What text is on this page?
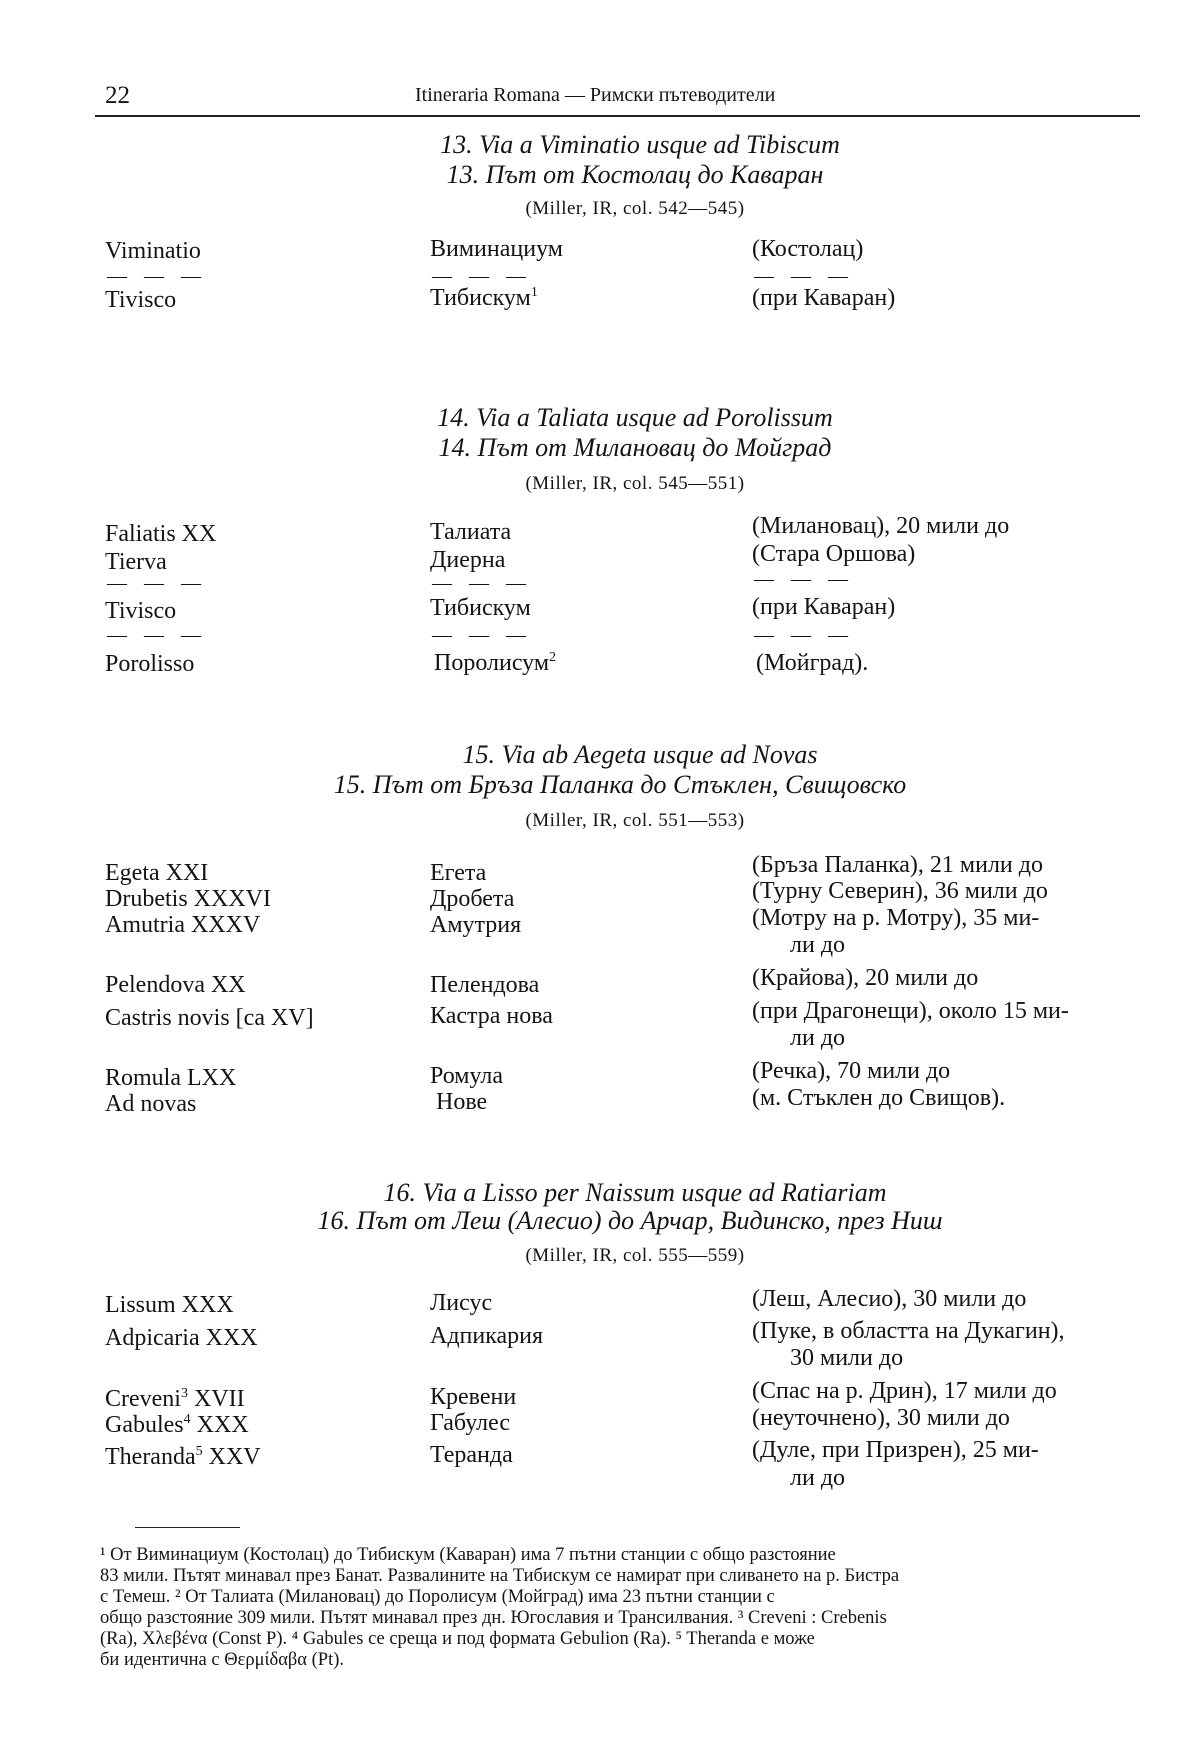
22	Itineraria Romana — Римски пътеводители
13. Via a Viminatio usque ad Tibiscum
13. Път от Костолац до Каваран
(Miller, IR, col. 542—545)
Viminatio	Виминациум	(Костолац)
— — —	— — —	— — —
Tivisco	Тибискум$^1$	(при Каваран)
14. Via a Taliata usque ad Porolissum
14. Път от Милановац до Мойград
(Miller, IR, col. 545—551)
Faliatis XX	Талиата	(Милановац), 20 мили до
Tierva	Диерна	(Стара Оршова)
— — —	— — —	— — —
Tivisco	Тибискум	(при Каваран)
— — —	— — —	— — —
Porolisso	Поролисум$^2$	(Мойград).
15. Via ab Aegeta usque ad Novas
15. Път от Бръза Паланка до Стъклен, Свищовско
(Miller, IR, col. 551—553)
Egeta XXI	Егета	(Бръза Паланка), 21 мили до
Drubetis XXXVI	Дробета	(Турну Северин), 36 мили до
Amutria XXXV	Амутрия	(Мотру на р. Мотру), 35 ми-
ли до
Pelendova XX	Пелендова	(Крайова), 20 мили до
Castris novis [ca XV]	Кастра нова	(при Драгонещи), около 15 ми-
ли до
Romula LXX	Ромула	(Речка), 70 мили до
Ad novas	Нове	(м. Стъклен до Свищов).
16. Via a Lisso per Naissum usque ad Ratiariam
16. Път от Леш (Алесио) до Арчар, Видинско, през Ниш
(Miller, IR, col. 555—559)
Lissum XXX	Лисус	(Леш, Алесио), 30 мили до
Adpicaria XXX	Адпикария	(Пуке, в областта на Дукагин),
30 мили до
Creveni$^3$ XVII	Кревени	(Спас на р. Дрин), 17 мили до
Gabules$^4$ XXX	Габулес	(неуточнено), 30 мили до
Theranda$^5$ XXV	Теранда	(Дуле, при Призрен), 25 ми-
ли до
¹ От Виминациум (Костолац) до Тибискум (Каваран) има 7 пътни станции с общо разстояние
83 мили. Пътят минавал през Банат. Развалините на Тибискум се намират при сливането на р. Бистра
с Темеш. ² От Талиата (Милановац) до Поролисум (Мойград) има 23 пътни станции с
общо разстояние 309 мили. Пътят минавал през дн. Югославия и Трансилвания. ³ Creveni : Crebenis
(Ra), Χλεβένα (Const P). ⁴ Gabules се среща и под формата Gebulion (Ra). ⁵ Theranda е може
би идентична с Θερμίδαβα (Pt).
